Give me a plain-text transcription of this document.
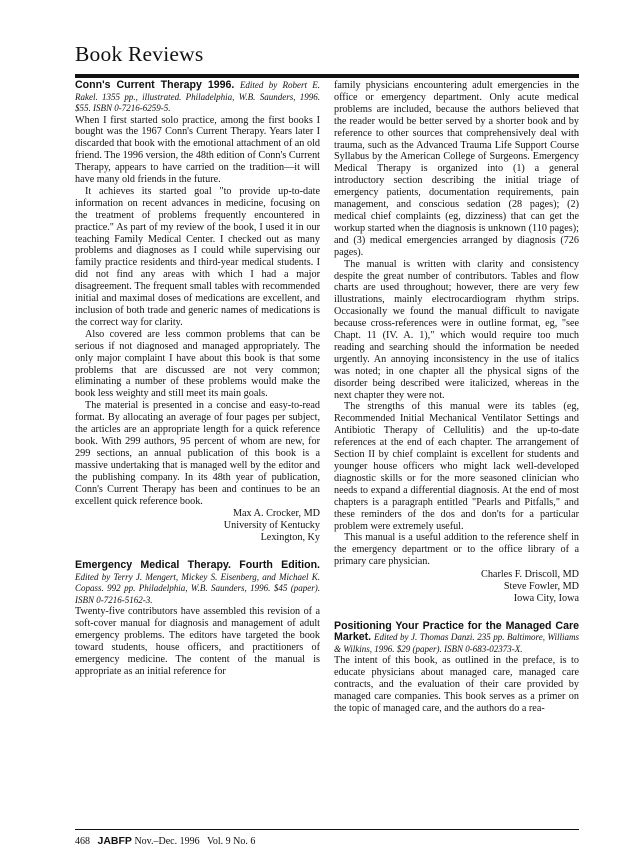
Book Reviews

Conn's Current Therapy 1996. Edited by Robert E. Rakel. 1355 pp., illustrated. Philadelphia, W.B. Saunders, 1996. $55. ISBN 0-7216-6259-5.

When I first started solo practice, among the first books I bought was the 1967 Conn's Current Therapy. Years later I discarded that book with the emotional attachment of an old friend. The 1996 version, the 48th edition of Conn's Current Therapy, appears to have carried on the tradition—it will have many old friends in the future.

It achieves its started goal "to provide up-to-date information on recent advances in medicine, focusing on the treatment of problems frequently encountered in practice." As part of my review of the book, I used it in our teaching Family Medical Center. I checked out as many problems and diagnoses as I could while supervising our family practice residents and third-year medical students. I did not find any areas with which I had a major disagreement. The frequent small tables with recommended initial and maximal doses of medications are excellent, and inclusion of both trade and generic names of medications is the correct way for clarity.

Also covered are less common problems that can be serious if not diagnosed and managed appropriately. The only major complaint I have about this book is that some problems that are discussed are not very common; eliminating a number of these problems would make the book less weighty and still meet its main goals.

The material is presented in a concise and easy-to-read format. By allocating an average of four pages per subject, the articles are an appropriate length for a quick reference book. With 299 authors, 95 percent of whom are new, for 299 sections, an annual publication of this book is a massive undertaking that is managed well by the editor and the publishing company. In its 48th year of publication, Conn's Current Therapy has been and continues to be an excellent quick reference book.

Max A. Crocker, MD
University of Kentucky
Lexington, Ky

Emergency Medical Therapy. Fourth Edition. Edited by Terry J. Mengert, Mickey S. Eisenberg, and Michael K. Copass. 992 pp. Philadelphia, W.B. Saunders, 1996. $45 (paper). ISBN 0-7216-5162-3.

Twenty-five contributors have assembled this revision of a soft-cover manual for diagnosis and management of adult emergency problems. The editors have targeted the book toward students, house officers, and practitioners of emergency medicine. The content of the manual is appropriate as an initial reference for

family physicians encountering adult emergencies in the office or emergency department. Only acute medical problems are included, because the authors believed that the reader would be better served by a shorter book and by reference to other sources that comprehensively deal with trauma, such as the Advanced Trauma Life Support Course Syllabus by the American College of Surgeons. Emergency Medical Therapy is organized into (1) a general introductory section describing the initial triage of emergency patients, documentation requirements, pain management, and conscious sedation (28 pages); (2) medical chief complaints (eg, dizziness) that can get the workup started when the diagnosis is unknown (110 pages); and (3) medical emergencies arranged by diagnosis (726 pages).

The manual is written with clarity and consistency despite the great number of contributors. Tables and flow charts are used throughout; however, there are very few illustrations, mainly electrocardiogram rhythm strips. Occasionally we found the manual difficult to navigate because cross-references were in outline format, eg, "see Chapt. 11 (IV. A. 1)," which would require too much reading and searching should the information be needed urgently. An annoying inconsistency in the use of italics was noted; in one chapter all the physical signs of the disorder being described were italicized, whereas in the next chapter they were not.

The strengths of this manual were its tables (eg, Recommended Initial Mechanical Ventilator Settings and Antibiotic Therapy of Cellulitis) and the up-to-date references at the end of each chapter. The arrangement of Section II by chief complaint is excellent for students and younger house officers who might lack well-developed diagnostic skills or for the more seasoned clinician who needs to expand a differential diagnosis. At the end of most chapters is a paragraph entitled "Pearls and Pitfalls," and these reminders of the dos and don'ts for a particular problem were extremely useful.

This manual is a useful addition to the reference shelf in the emergency department or to the office library of a primary care physician.

Charles F. Driscoll, MD
Steve Fowler, MD
Iowa City, Iowa

Positioning Your Practice for the Managed Care Market. Edited by J. Thomas Danzi. 235 pp. Baltimore, Williams & Wilkins, 1996. $29 (paper). ISBN 0-683-02373-X.

The intent of this book, as outlined in the preface, is to educate physicians about managed care, managed care contracts, and the evaluation of their care provided by managed care companies. This book serves as a primer on the topic of managed care, and the authors do a rea-

468 JABFP Nov.–Dec. 1996 Vol. 9 No. 6
